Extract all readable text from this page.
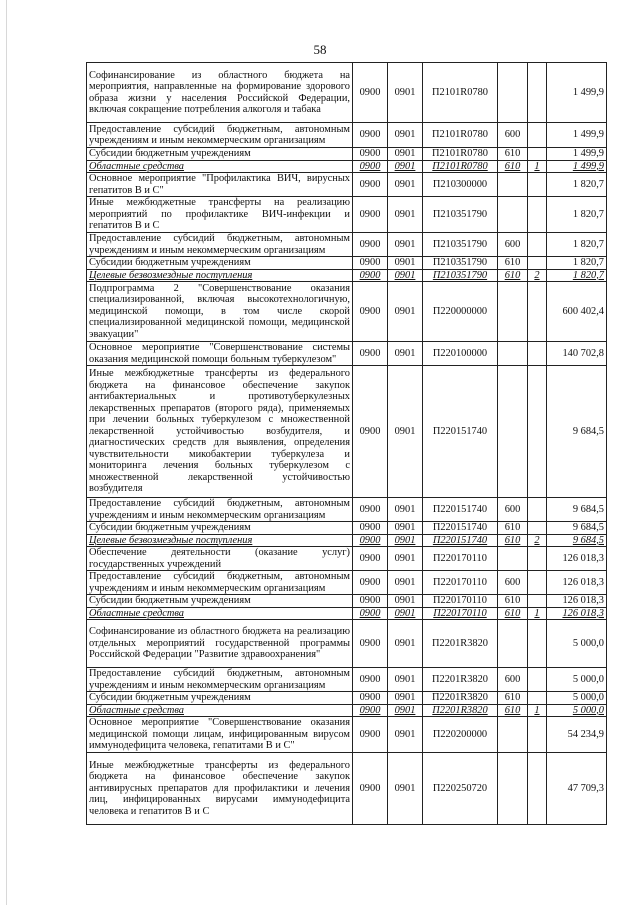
58
Софинансирование из областного бюджета на мероприятия, направленные на формирование здорового образа жизни у населения Российской Федерации, включая сокращение потребления алкоголя и табака	0900	0901	П2101R0780			1 499,9
Предоставление субсидий бюджетным, автономным учреждениям и иным некоммерческим организациям	0900	0901	П2101R0780	600		1 499,9
Субсидии бюджетным учреждениям	0900	0901	П2101R0780	610		1 499,9
Областные средства	0900	0901	П2101R0780	610	1	1 499,9
Основное мероприятие "Профилактика ВИЧ, вирусных гепатитов В и С"	0900	0901	П210300000			1 820,7
Иные межбюджетные трансферты на реализацию мероприятий по профилактике ВИЧ-инфекции и гепатитов В и С	0900	0901	П210351790			1 820,7
Предоставление субсидий бюджетным, автономным учреждениям и иным некоммерческим организациям	0900	0901	П210351790	600		1 820,7
Субсидии бюджетным учреждениям	0900	0901	П210351790	610		1 820,7
Целевые безвозмездные поступления	0900	0901	П210351790	610	2	1 820,7
Подпрограмма 2 "Совершенствование оказания специализированной, включая высокотехнологичную, медицинской помощи, в том числе скорой специализированной медицинской помощи, медицинской эвакуации"	0900	0901	П220000000			600 402,4
Основное мероприятие "Совершенствование системы оказания медицинской помощи больным туберкулезом"	0900	0901	П220100000			140 702,8
Иные межбюджетные трансферты из федерального бюджета на финансовое обеспечение закупок антибактериальных и противотуберкулезных лекарственных препаратов (второго ряда), применяемых при лечении больных туберкулезом с множественной лекарственной устойчивостью возбудителя, и диагностических средств для выявления, определения чувствительности микобактерии туберкулеза и мониторинга лечения больных туберкулезом с множественной лекарственной устойчивостью возбудителя	0900	0901	П220151740			9 684,5
Предоставление субсидий бюджетным, автономным учреждениям и иным некоммерческим организациям	0900	0901	П220151740	600		9 684,5
Субсидии бюджетным учреждениям	0900	0901	П220151740	610		9 684,5
Целевые безвозмездные поступления	0900	0901	П220151740	610	2	9 684,5
Обеспечение деятельности (оказание услуг) государственных учреждений	0900	0901	П220170110			126 018,3
Предоставление субсидий бюджетным, автономным учреждениям и иным некоммерческим организациям	0900	0901	П220170110	600		126 018,3
Субсидии бюджетным учреждениям	0900	0901	П220170110	610		126 018,3
Областные средства	0900	0901	П220170110	610	1	126 018,3
Софинансирование из областного бюджета на реализацию отдельных мероприятий государственной программы Российской Федерации "Развитие здравоохранения"	0900	0901	П2201R3820			5 000,0
Предоставление субсидий бюджетным, автономным учреждениям и иным некоммерческим организациям	0900	0901	П2201R3820	600		5 000,0
Субсидии бюджетным учреждениям	0900	0901	П2201R3820	610		5 000,0
Областные средства	0900	0901	П2201R3820	610	1	5 000,0
Основное мероприятие "Совершенствование оказания медицинской помощи лицам, инфицированным вирусом иммунодефицита человека, гепатитами В и С"	0900	0901	П220200000			54 234,9
Иные межбюджетные трансферты из федерального бюджета на финансовое обеспечение закупок антивирусных препаратов для профилактики и лечения лиц, инфицированных вирусами иммунодефицита человека и гепатитов В и С	0900	0901	П220250720			47 709,3
